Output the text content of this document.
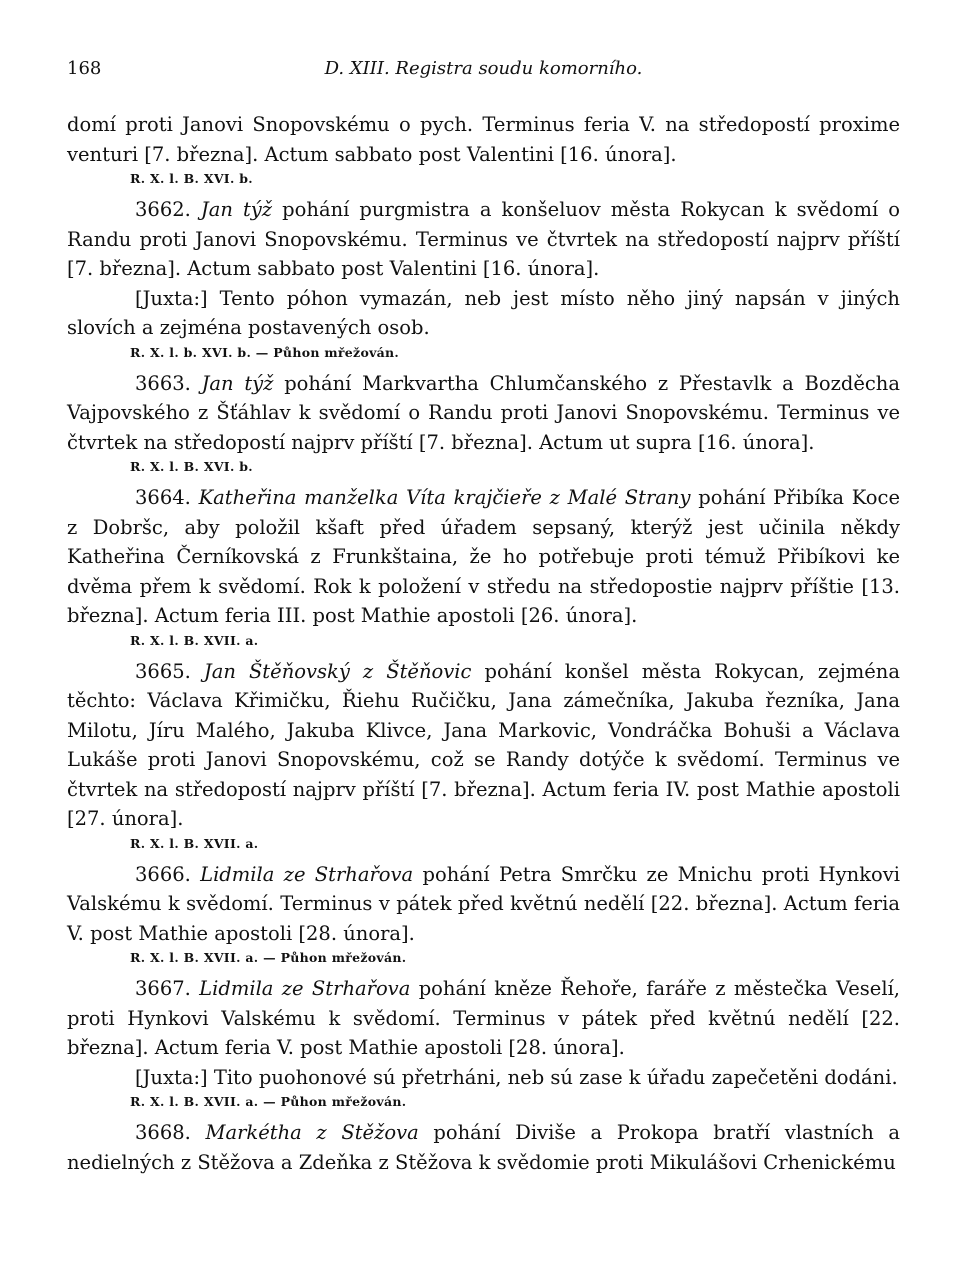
168	D. XIII. Registra soudu komorního.

domí proti Janovi Snopovskému o pych. Terminus feria V. na středopostí proxime venturi [7. března]. Actum sabbato post Valentini [16. února].

R. X. l. B. XVI. b.

3662. Jan týž pohání purgmistra a konšeluov města Rokycan k svědomí o Randu proti Janovi Snopovskému. Terminus ve čtvrtek na středopostí najprv příští [7. března]. Actum sabbato post Valentini [16. února].

[Juxta:] Tento póhon vymazán, neb jest místo něho jiný napsán v jiných slovích a zejména postavených osob.

R. X. l. b. XVI. b. — Půhon mřežován.

3663. Jan týž pohání Markvartha Chlumčanského z Přestavlk a Bozděcha Vajpovského z Šťáhlav k svědomí o Randu proti Janovi Snopovskému. Terminus ve čtvrtek na středopostí najprv příští [7. března]. Actum ut supra [16. února].

R. X. l. B. XVI. b.

3664. Katheřina manželka Víta krajčieře z Malé Strany pohání Přibíka Koce z Dobršc, aby položil kšaft před úřadem sepsaný, kterýž jest učinila někdy Katheřina Černíkovská z Frunkštaina, že ho potřebuje proti témuž Přibíkovi ke dvěma přem k svědomí. Rok k položení v středu na středopostie najprv příštie [13. března]. Actum feria III. post Mathie apostoli [26. února].

R. X. l. B. XVII. a.

3665. Jan Štěňovský z Štěňovic pohání konšel města Rokycan, zejména těchto: Václava Křimičku, Řiehu Ručičku, Jana zámečníka, Jakuba řezníka, Jana Milotu, Jíru Malého, Jakuba Klivce, Jana Markovic, Vondráčka Bohuši a Václava Lukáše proti Janovi Snopovskému, což se Randy dotýče k svědomí. Terminus ve čtvrtek na středopostí najprv příští [7. března]. Actum feria IV. post Mathie apostoli [27. února].

R. X. l. B. XVII. a.

3666. Lidmila ze Strhařova pohání Petra Smrčku ze Mnichu proti Hynkovi Valskému k svědomí. Terminus v pátek před květnú nedělí [22. března]. Actum feria V. post Mathie apostoli [28. února].

R. X. l. B. XVII. a. — Půhon mřežován.

3667. Lidmila ze Strhařova pohání kněze Řehoře, faráře z městečka Veselí, proti Hynkovi Valskému k svědomí. Terminus v pátek před květnú nedělí [22. března]. Actum feria V. post Mathie apostoli [28. února].

[Juxta:] Tito puohonové sú přetrháni, neb sú zase k úřadu zapečetěni dodáni.

R. X. l. B. XVII. a. — Půhon mřežován.

3668. Markétha z Stěžova pohání Diviše a Prokopa bratří vlastních a nedielných z Stěžova a Zdeňka z Stěžova k svědomie proti Mikulášovi Crhenickému
